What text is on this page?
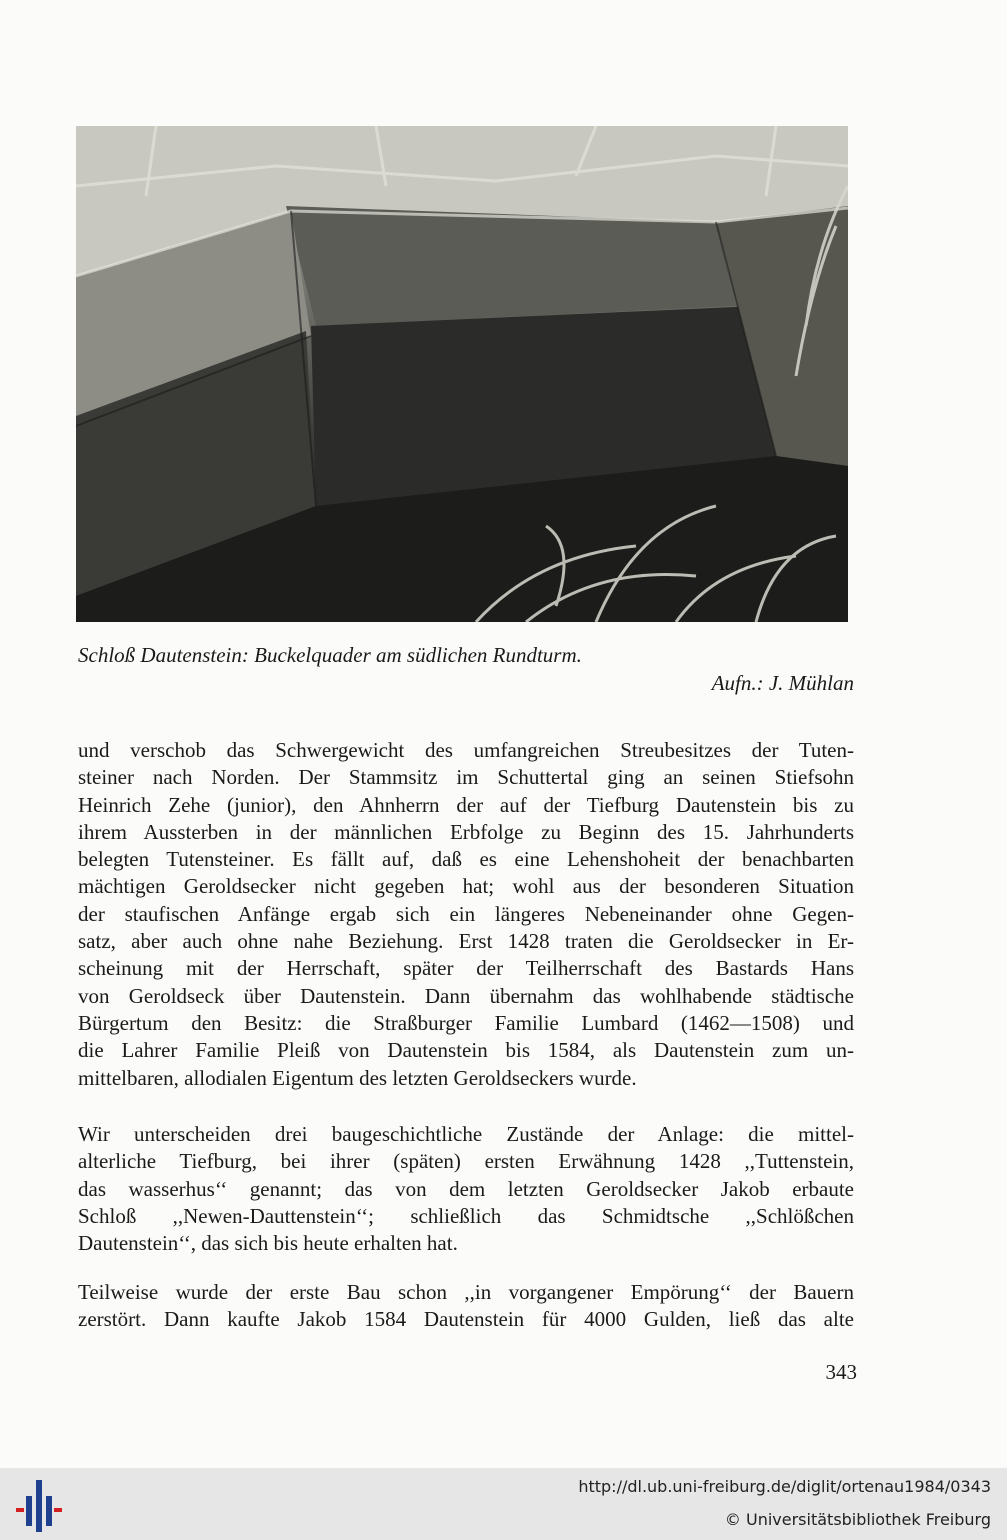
Schloß Dautenstein: Buckelquader am südlichen Rundturm.
Aufn.: J. Mühlan
und verschob das Schwergewicht des umfangreichen Streubesitzes der Tuten-
steiner nach Norden. Der Stammsitz im Schuttertal ging an seinen Stiefsohn
Heinrich Zehe (junior), den Ahnherrn der auf der Tiefburg Dautenstein bis zu
ihrem Aussterben in der männlichen Erbfolge zu Beginn des 15. Jahrhunderts
belegten Tutensteiner. Es fällt auf, daß es eine Lehenshoheit der benachbarten
mächtigen Geroldsecker nicht gegeben hat; wohl aus der besonderen Situation
der staufischen Anfänge ergab sich ein längeres Nebeneinander ohne Gegen-
satz, aber auch ohne nahe Beziehung. Erst 1428 traten die Geroldsecker in Er-
scheinung mit der Herrschaft, später der Teilherrschaft des Bastards Hans
von Geroldseck über Dautenstein. Dann übernahm das wohlhabende städtische
Bürgertum den Besitz: die Straßburger Familie Lumbard (1462—1508) und
die Lahrer Familie Pleiß von Dautenstein bis 1584, als Dautenstein zum un-
mittelbaren, allodialen Eigentum des letzten Geroldseckers wurde.
Wir unterscheiden drei baugeschichtliche Zustände der Anlage: die mittel-
alterliche Tiefburg, bei ihrer (späten) ersten Erwähnung 1428 ,,Tuttenstein,
das wasserhus‘‘ genannt; das von dem letzten Geroldsecker Jakob erbaute
Schloß ,,Newen-Dauttenstein‘‘; schließlich das Schmidtsche ,,Schlößchen
Dautenstein‘‘, das sich bis heute erhalten hat.
Teilweise wurde der erste Bau schon ,,in vorgangener Empörung‘‘ der Bauern
zerstört. Dann kaufte Jakob 1584 Dautenstein für 4000 Gulden, ließ das alte
343
http://dl.ub.uni-freiburg.de/diglit/ortenau1984/0343
© Universitätsbibliothek Freiburg
